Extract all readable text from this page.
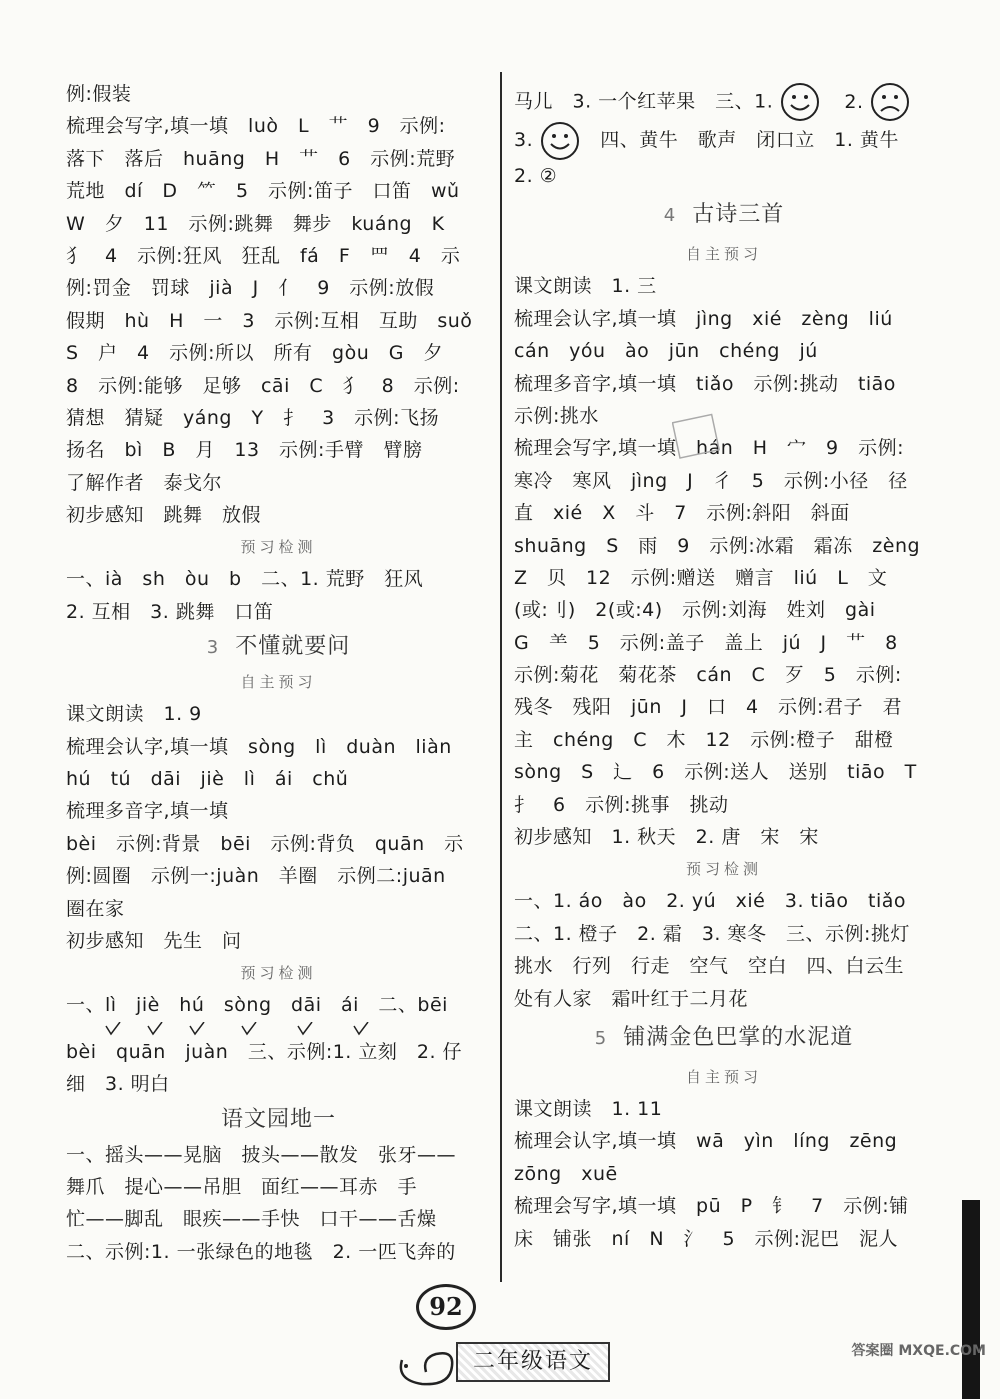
例:假装
梳理会写字,填一填　luò　L　艹　9　示例:
落下　落后　huāng　H　艹　6　示例:荒野
荒地　dí　D　⺮　5　示例:笛子　口笛　wǔ
W　夕　11　示例:跳舞　舞步　kuáng　K
犭　4　示例:狂风　狂乱　fá　F　罒　4　示
例:罚金　罚球　jià　J　亻　9　示例:放假
假期　hù　H　一　3　示例:互相　互助　suǒ
S　户　4　示例:所以　所有　gòu　G　夕
8　示例:能够　足够　cāi　C　犭　8　示例:
猜想　猜疑　yáng　Y　扌　3　示例:飞扬
扬名　bì　B　月　13　示例:手臂　臂膀
了解作者　泰戈尔
初步感知　跳舞　放假
预习检测
一、ià　sh　òu　b　二、1. 荒野　狂风
2. 互相　3. 跳舞　口笛
3 不懂就要问
自主预习
课文朗读　1. 9
梳理会认字,填一填　sòng　lì　duàn　liàn
hú　tú　dāi　jiè　lì　ái　chǔ
梳理多音字,填一填
bèi　示例:背景　bēi　示例:背负　quān　示
例:圆圈　示例一:juàn　羊圈　示例二:juān
圈在家
初步感知　先生　问
预习检测
一、lì　jiè　hú　sòng　dāi　ái　二、bēi
bèi　quān　juàn　三、示例:1. 立刻　2. 仔
细　3. 明白
语文园地一
一、摇头——晃脑　披头——散发　张牙——
舞爪　提心——吊胆　面红——耳赤　手
忙——脚乱　眼疾——手快　口干——舌燥
二、示例:1. 一张绿色的地毯　2. 一匹飞奔的
马儿　3. 一个红苹果　三、1.	2.
3.	四、黄牛　歌声　闭口立　1. 黄牛
2. ②
4 古诗三首
自主预习
课文朗读　1. 三
梳理会认字,填一填　jìng　xié　zèng　liú
cán　yóu　ào　jūn　chéng　jú
梳理多音字,填一填　tiǎo　示例:挑动　tiāo
示例:挑水
梳理会写字,填一填　hán　H　宀　9　示例:
寒冷　寒风　jìng　J　彳　5　示例:小径　径
直　xié　X　斗　7　示例:斜阳　斜面
shuāng　S　雨　9　示例:冰霜　霜冻　zèng
Z　贝　12　示例:赠送　赠言　liú　L　文
(或:刂)　2(或:4)　示例:刘海　姓刘　gài
G　⺷　5　示例:盖子　盖上　jú　J　艹　8
示例:菊花　菊花茶　cán　C　歹　5　示例:
残冬　残阳　jūn　J　口　4　示例:君子　君
主　chéng　C　木　12　示例:橙子　甜橙
sòng　S　辶　6　示例:送人　送别　tiāo　T
扌　6　示例:挑事　挑动
初步感知　1. 秋天　2. 唐　宋　宋
预习检测
一、1. áo　ào　2. yú　xié　3. tiāo　tiǎo
二、1. 橙子　2. 霜　3. 寒冬　三、示例:挑灯
挑水　行列　行走　空气　空白　四、白云生
处有人家　霜叶红于二月花
5 铺满金色巴掌的水泥道
自主预习
课文朗读　1. 11
梳理会认字,填一填　wā　yìn　líng　zēng
zōng　xuē
梳理会写字,填一填　pū　P　钅　7　示例:铺
床　铺张　ní　N　氵　5　示例:泥巴　泥人
92
二年级语文	答案圈 MXQE.COM
